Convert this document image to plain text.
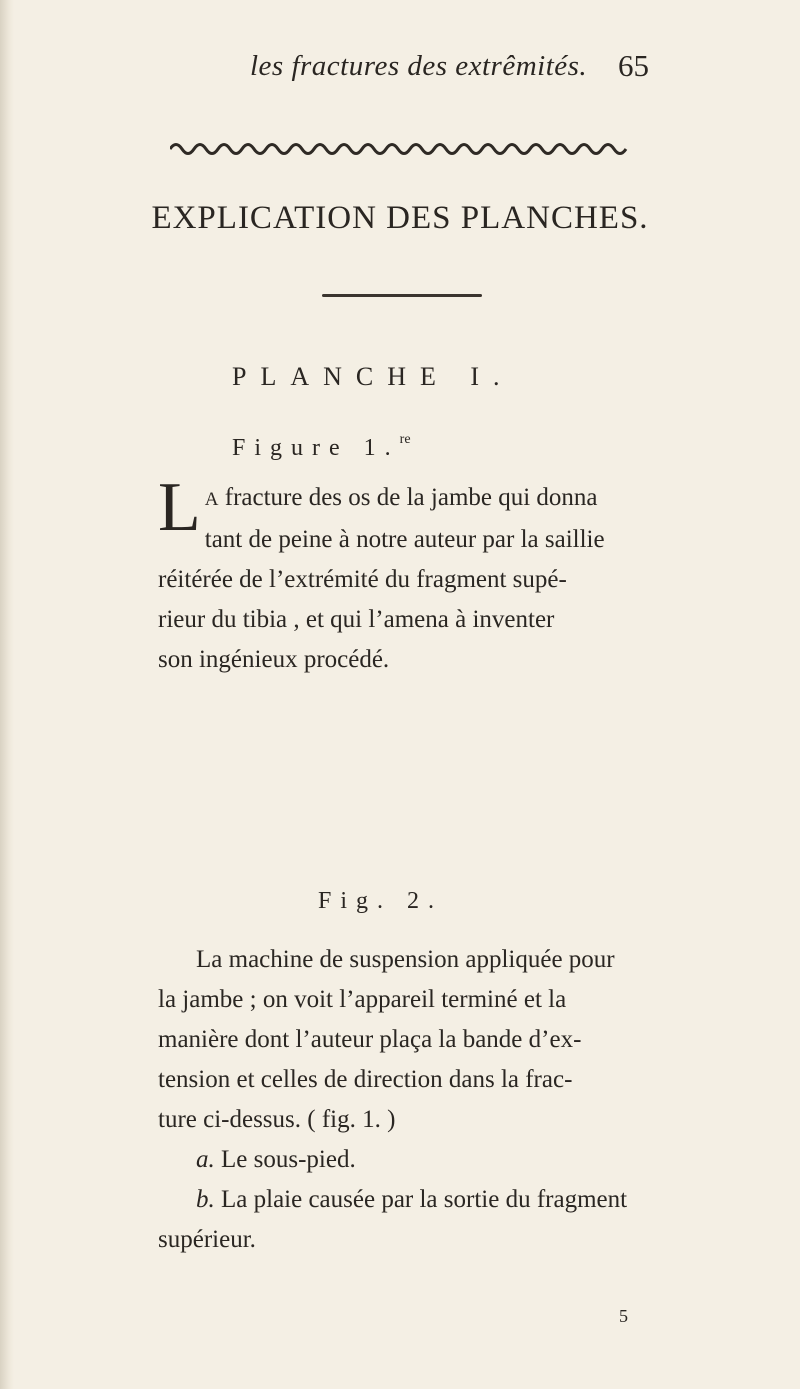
les fractures des extrêmités. 65
EXPLICATION DES PLANCHES.
PLANCHE I.
Figure 1.$^{re}$
L A fracture des os de la jambe qui donna
tant de peine à notre auteur par la saillie
réitérée de l’extrémité du fragment supé-
rieur du tibia , et qui l’amena à inventer
son ingénieux procédé.
Fig. 2.
La machine de suspension appliquée pour
la jambe ; on voit l’appareil terminé et la
manière dont l’auteur plaça la bande d’ex-
tension et celles de direction dans la frac-
ture ci-dessus. ( fig. 1. )
a. Le sous-pied.
b. La plaie causée par la sortie du fragment
supérieur.
5
